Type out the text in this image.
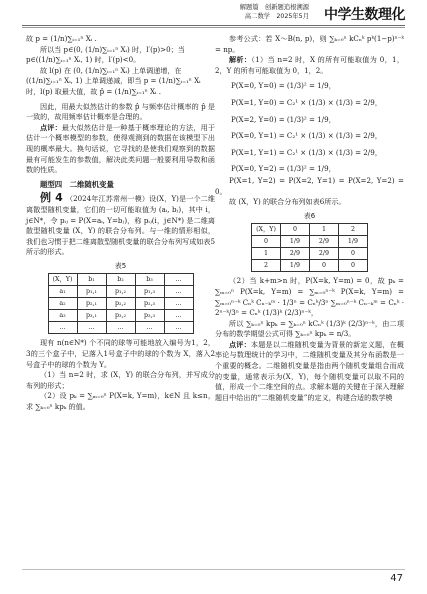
解题篇　创新题追根溯源
高二数学　2025年5月 中学生数理化

故 p = (1/n)∑ᵢ₌₁ⁿ Xᵢ .

所以当 p∈(0, (1/n)∑ᵢ₌₁ⁿ Xᵢ) 时，l′(p)>0；当

p∈((1/n)∑ᵢ₌₁ⁿ Xᵢ, 1) 时，l′(p)<0。

故 l(p) 在 (0, (1/n)∑ᵢ₌₁ⁿ Xᵢ) 上单调递增，在

((1/n)∑ᵢ₌₁ⁿ Xᵢ, 1) 上单调递减，即当 p = (1/n)∑ᵢ₌₁ⁿ Xᵢ

时，l(p) 取最大值，故 p̂ = (1/n)∑ᵢ₌₁ⁿ Xᵢ .

因此，用最大似然估计的参数 p̂ 与频率估计概率的 p̂ 是一致的，故用频率估计概率是合理的。

点评：最大似然估计是一种基于概率理论的方法，用于估计一个概率模型的参数，使得观测到的数据在该模型下出现的概率最大。换句话说，它寻找的是使我们观察到的数据最有可能发生的参数值，解决此类问题一般要利用导数和函数的性质。

题型四　二维随机变量

例 4 （2024年江苏常州一模）设(X，Y)是一个二维离散型随机变量，它们的一切可能取值为 (aᵢ, bⱼ)，其中 i，j∈N*，令 pᵢⱼ = P(X=aᵢ, Y=bⱼ)，称 pᵢⱼ(i，j∈N*) 是二维离散型随机变量 (X，Y) 的联合分布列。与一维的情形相似，我们也习惯于把二维离散型随机变量的联合分布列写成如表5所示的形式。

表5
(X，Y)	b₁	b₂	b₃	…
a₁	p₁,₁	p₁,₂	p₁,₃	…
a₂	p₂,₁	p₂,₂	p₂,₃	…
a₃	p₃,₁	p₃,₂	p₃,₃	…
…	…	…	…	…

现有 n(n∈N*) 个不同的球等可能地放入编号为1，2，3的三个盒子中，记落入1号盒子中的球的个数为 X，落入2号盒子中的球的个数为 Y。

（1）当 n=2 时，求 (X，Y) 的联合分布列，并写成分布列的形式；

（2）设 pₖ = ∑ₘ₌₀ⁿ P(X=k, Y=m)，k∈N 且 k≤n，求 ∑ₖ₌₀ⁿ kpₖ 的值。

参考公式：若 X～B(n, p)，则 ∑ₖ₌₀ⁿ kCₙᵏ pᵏ(1−p)ⁿ⁻ᵏ = np。

解析：（1）当 n=2 时，X 的所有可能取值为 0，1，2，Y 的所有可能取值为 0，1，2。

P(X=0, Y=0) = (1/3)² = 1/9，

P(X=1, Y=0) = C₂¹ × (1/3) × (1/3) = 2/9，

P(X=2, Y=0) = (1/3)² = 1/9，

P(X=0, Y=1) = C₂¹ × (1/3) × (1/3) = 2/9，

P(X=1, Y=1) = C₂¹ × (1/3) × (1/3) = 2/9，

P(X=0, Y=2) = (1/3)² = 1/9，

P(X=1, Y=2) = P(X=2, Y=1) = P(X=2, Y=2) = 0。

故 (X，Y) 的联合分布列如表6所示。

表6
(X，Y)	0	1	2
0	1/9	2/9	1/9
1	2/9	2/9	0
2	1/9	0	0

（2）当 k+m>n 时，P(X=k, Y=m) = 0，故 pₖ = ∑ₘ₌₀ⁿ P(X=k, Y=m) = ∑ₘ₌₀ⁿ⁻ᵏ P(X=k, Y=m) = ∑ₘ₌₀ⁿ⁻ᵏ Cₙᵏ Cₙ₋ₖᵐ · 1/3ⁿ = Cₙᵏ/3ⁿ ∑ₘ₌₀ⁿ⁻ᵏ Cₙ₋ₖᵐ = Cₙᵏ · 2ⁿ⁻ᵏ/3ⁿ = Cₙᵏ (1/3)ᵏ (2/3)ⁿ⁻ᵏ，

所以 ∑ₖ₌₀ⁿ kpₖ = ∑ₖ₌₀ⁿ kCₙᵏ (1/3)ᵏ (2/3)ⁿ⁻ᵏ，由二项分布的数学期望公式可得 ∑ₖ₌₀ⁿ kpₖ = n/3。

点评：本题是以二维随机变量为背景的新定义题，在概率论与数理统计的学习中，二维随机变量及其分布函数是一个重要的概念。二维随机变量是指由两个随机变量组合而成的变量，通常表示为(X，Y)，每个随机变量可以取不同的值，形成一个二维空间的点。求解本题的关键在于深入理解题目中给出的“二维随机变量”的定义，构建合适的数学模

47
